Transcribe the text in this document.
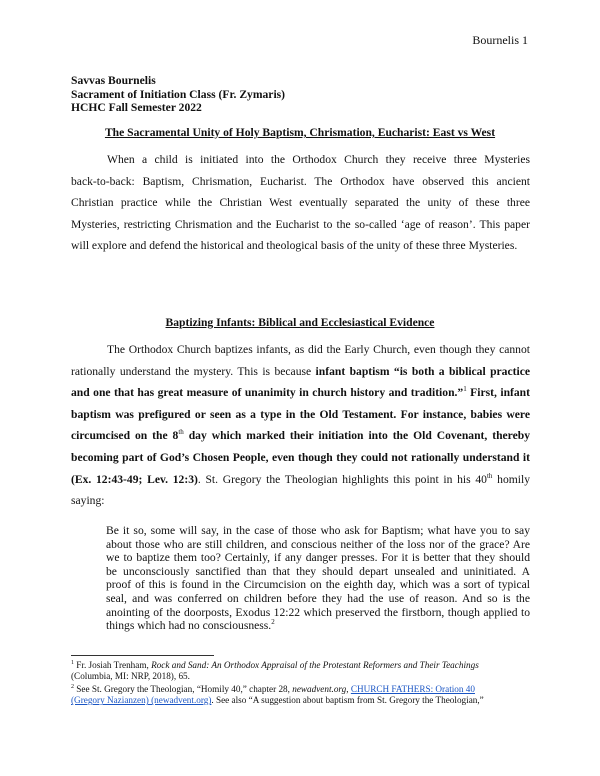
Bournelis 1
Savvas Bournelis
Sacrament of Initiation Class (Fr. Zymaris)
HCHC Fall Semester 2022
The Sacramental Unity of Holy Baptism, Chrismation, Eucharist: East vs West
When a child is initiated into the Orthodox Church they receive three Mysteries
back-to-back: Baptism, Chrismation, Eucharist. The Orthodox have observed this ancient
Christian practice while the Christian West eventually separated the unity of these three
Mysteries, restricting Chrismation and the Eucharist to the so-called ‘age of reason’. This paper
will explore and defend the historical and theological basis of the unity of these three Mysteries.
Baptizing Infants: Biblical and Ecclesiastical Evidence
The Orthodox Church baptizes infants, as did the Early Church, even though they cannot
rationally understand the mystery. This is because infant baptism “is both a biblical practice
and one that has great measure of unanimity in church history and tradition.”$^1$ First, infant
baptism was prefigured or seen as a type in the Old Testament. For instance, babies were
circumcised on the 8th day which marked their initiation into the Old Covenant, thereby
becoming part of God’s Chosen People, even though they could not rationally understand it
(Ex. 12:43-49; Lev. 12:3). St. Gregory the Theologian highlights this point in his 40th homily
saying:
Be it so, some will say, in the case of those who ask for Baptism; what have you to say
about those who are still children, and conscious neither of the loss nor of the grace? Are
we to baptize them too? Certainly, if any danger presses. For it is better that they should
be unconsciously sanctified than that they should depart unsealed and uninitiated. A
proof of this is found in the Circumcision on the eighth day, which was a sort of typical
seal, and was conferred on children before they had the use of reason. And so is the
anointing of the doorposts, Exodus 12:22 which preserved the firstborn, though applied to
things which had no consciousness.$^2$
$^1$ Fr. Josiah Trenham, Rock and Sand: An Orthodox Appraisal of the Protestant Reformers and Their Teachings
(Columbia, MI: NRP, 2018), 65.
$^2$ See St. Gregory the Theologian, “Homily 40,” chapter 28, newadvent.org, CHURCH FATHERS: Oration 40
(Gregory Nazianzen) (newadvent.org). See also “A suggestion about baptism from St. Gregory the Theologian,”
